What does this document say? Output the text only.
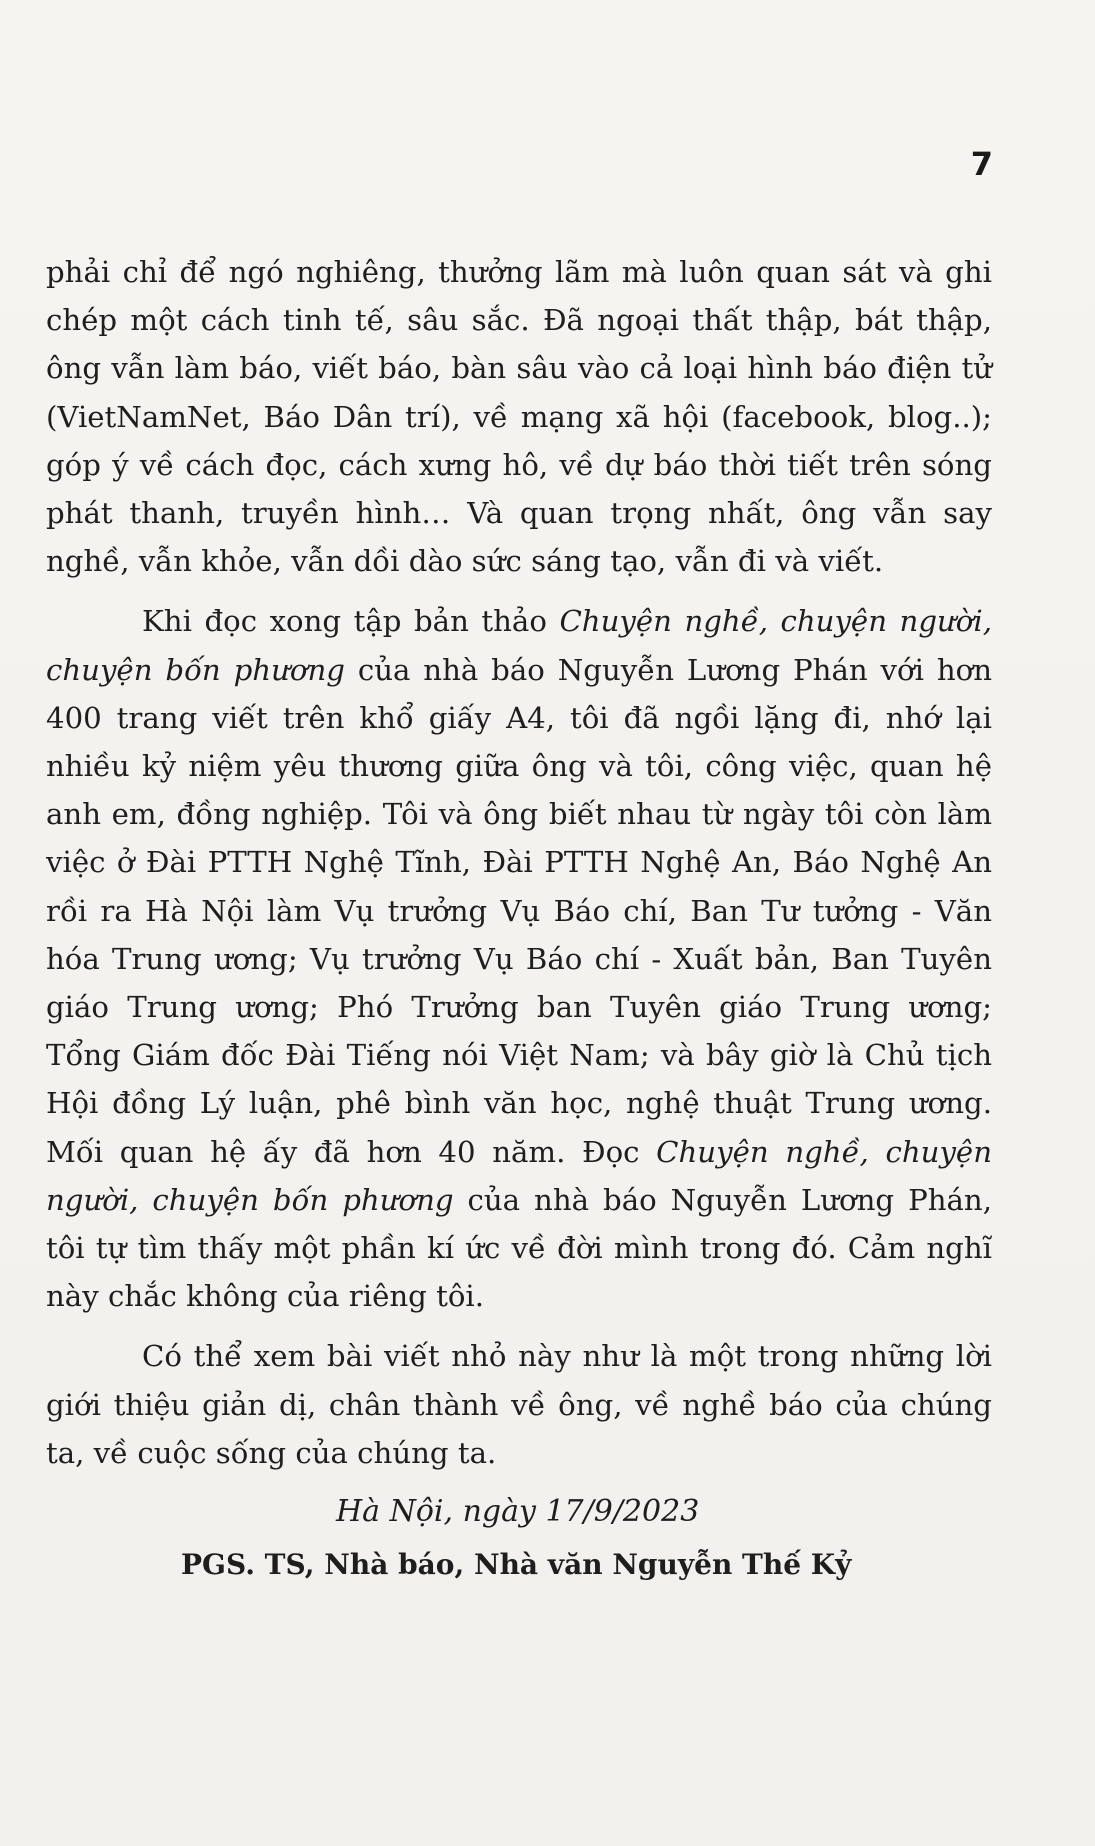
7
phải chỉ để ngó nghiêng, thưởng lãm mà luôn quan sát và ghi
chép một cách tinh tế, sâu sắc. Đã ngoại thất thập, bát thập,
ông vẫn làm báo, viết báo, bàn sâu vào cả loại hình báo điện tử
(VietNamNet, Báo Dân trí), về mạng xã hội (facebook, blog..);
góp ý về cách đọc, cách xưng hô, về dự báo thời tiết trên sóng
phát thanh, truyền hình… Và quan trọng nhất, ông vẫn say
nghề, vẫn khỏe, vẫn dồi dào sức sáng tạo, vẫn đi và viết.
Khi đọc xong tập bản thảo Chuyện nghề, chuyện người,
chuyện bốn phương của nhà báo Nguyễn Lương Phán với hơn
400 trang viết trên khổ giấy A4, tôi đã ngồi lặng đi, nhớ lại
nhiều kỷ niệm yêu thương giữa ông và tôi, công việc, quan hệ
anh em, đồng nghiệp. Tôi và ông biết nhau từ ngày tôi còn làm
việc ở Đài PTTH Nghệ Tĩnh, Đài PTTH Nghệ An, Báo Nghệ An
rồi ra Hà Nội làm Vụ trưởng Vụ Báo chí, Ban Tư tưởng - Văn
hóa Trung ương; Vụ trưởng Vụ Báo chí - Xuất bản, Ban Tuyên
giáo Trung ương; Phó Trưởng ban Tuyên giáo Trung ương;
Tổng Giám đốc Đài Tiếng nói Việt Nam; và bây giờ là Chủ tịch
Hội đồng Lý luận, phê bình văn học, nghệ thuật Trung ương.
Mối quan hệ ấy đã hơn 40 năm. Đọc Chuyện nghề, chuyện
người, chuyện bốn phương của nhà báo Nguyễn Lương Phán,
tôi tự tìm thấy một phần kí ức về đời mình trong đó. Cảm nghĩ
này chắc không của riêng tôi.
Có thể xem bài viết nhỏ này như là một trong những lời
giới thiệu giản dị, chân thành về ông, về nghề báo của chúng
ta, về cuộc sống của chúng ta.
Hà Nội, ngày 17/9/2023
PGS. TS, Nhà báo, Nhà văn Nguyễn Thế Kỷ
